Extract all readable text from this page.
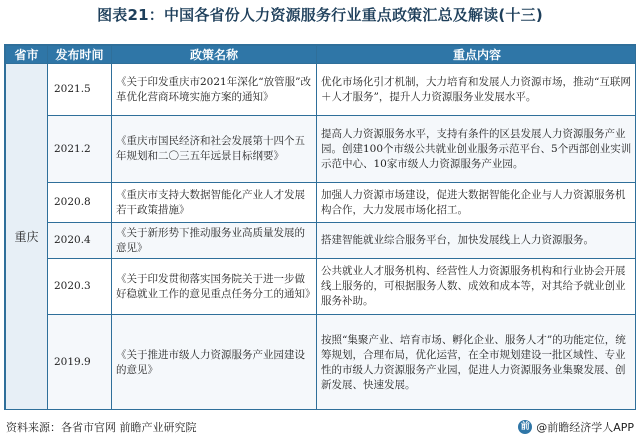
图表21：中国各省份人力资源服务行业重点政策汇总及解读(十三)
省市	发布时间	政策名称	重点内容
重庆	2021.5	《关于印发重庆市2021年深化“放管服”改革优化营商环境实施方案的通知》	优化市场化引才机制，大力培育和发展人力资源市场，推动“互联网＋人才服务”，提升人力资源服务业发展水平。
	2021.2	《重庆市国民经济和社会发展第十四个五年规划和二〇三五年远景目标纲要》	提高人力资源服务水平，支持有条件的区县发展人力资源服务产业园。创建100个市级公共就业创业服务示范平台、5个西部创业实训示范中心、10家市级人力资源服务产业园。
	2020.8	《重庆市支持大数据智能化产业人才发展若干政策措施》	加强人力资源市场建设，促进大数据智能化企业与人力资源服务机构合作，大力发展市场化招工。
	2020.4	《关于新形势下推动服务业高质量发展的意见》	搭建智能就业综合服务平台，加快发展线上人力资源服务。
	2020.3	《关于印发贯彻落实国务院关于进一步做好稳就业工作的意见重点任务分工的通知》	公共就业人才服务机构、经营性人力资源服务机构和行业协会开展线上服务的，可根据服务人数、成效和成本等，对其给予就业创业服务补助。
	2019.9	《关于推进市级人力资源服务产业园建设的意见》	按照“集聚产业、培育市场、孵化企业、服务人才”的功能定位，统筹规划，合理布局，优化运营，在全市规划建设一批区域性、专业性的市级人力资源服务产业园，促进人力资源服务业集聚发展、创新发展、快速发展。
资料来源：各省市官网 前瞻产业研究院	前 @前瞻经济学人APP
